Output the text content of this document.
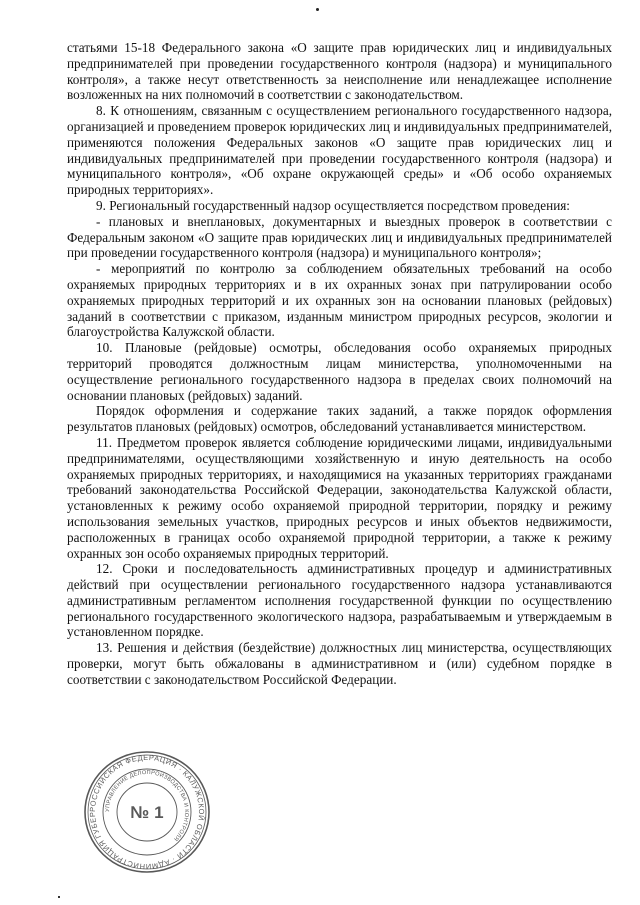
статьями 15-18 Федерального закона «О защите прав юридических лиц и индивидуальных предпринимателей при проведении государственного контроля (надзора) и муниципального контроля», а также несут ответственность за неисполнение или ненадлежащее исполнение возложенных на них полномочий в соответствии с законодательством.

8. К отношениям, связанным с осуществлением регионального государственного надзора, организацией и проведением проверок юридических лиц и индивидуальных предпринимателей, применяются положения Федеральных законов «О защите прав юридических лиц и индивидуальных предпринимателей при проведении государственного контроля (надзора) и муниципального контроля», «Об охране окружающей среды» и «Об особо охраняемых природных территориях».

9. Региональный государственный надзор осуществляется посредством проведения:

- плановых и внеплановых, документарных и выездных проверок в соответствии с Федеральным законом «О защите прав юридических лиц и индивидуальных предпринимателей при проведении государственного контроля (надзора) и муниципального контроля»;

- мероприятий по контролю за соблюдением обязательных требований на особо охраняемых природных территориях и в их охранных зонах при патрулировании особо охраняемых природных территорий и их охранных зон на основании плановых (рейдовых) заданий в соответствии с приказом, изданным министром природных ресурсов, экологии и благоустройства Калужской области.

10. Плановые (рейдовые) осмотры, обследования особо охраняемых природных территорий проводятся должностным лицам министерства, уполномоченными на осуществление регионального государственного надзора в пределах своих полномочий на основании плановых (рейдовых) заданий.

Порядок оформления и содержание таких заданий, а также порядок оформления результатов плановых (рейдовых) осмотров, обследований устанавливается министерством.

11. Предметом проверок является соблюдение юридическими лицами, индивидуальными предпринимателями, осуществляющими хозяйственную и иную деятельность на особо охраняемых природных территориях, и находящимися на указанных территориях гражданами требований законодательства Российской Федерации, законодательства Калужской области, установленных к режиму особо охраняемой природной территории, порядку и режиму использования земельных участков, природных ресурсов и иных объектов недвижимости, расположенных в границах особо охраняемой природной территории, а также к режиму охранных зон особо охраняемых природных территорий.

12. Сроки и последовательность административных процедур и административных действий при осуществлении регионального государственного надзора устанавливаются административным регламентом исполнения государственной функции по осуществлению регионального государственного экологического надзора, разрабатываемым и утверждаемым в установленном порядке.

13. Решения и действия (бездействие) должностных лиц министерства, осуществляющих проверки, могут быть обжалованы в административном и (или) судебном порядке в соответствии с законодательством Российской Федерации.

РОССИЙСКАЯ ФЕДЕРАЦИЯ · КАЛУЖСКОЙ ОБЛАСТИ · АДМИНИСТРАЦИЯ ГУБЕР
УПРАВЛЕНИЕ ДЕЛОПРОИЗВОДСТВА И КОНТРОЛЯ
№ 1
